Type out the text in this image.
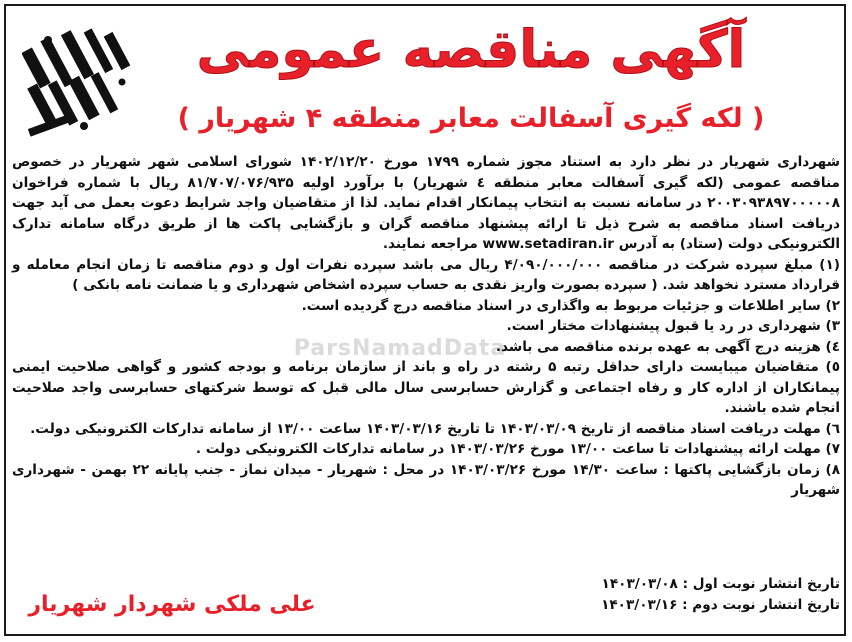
آگهی مناقصه عمومی
( لکه گیری آسفالت معابر منطقه ۴ شهریار )
ParsNamadData

شهرداری شهریار در نظر دارد به استناد مجوز شماره ۱۷۹۹ مورخ ۱۴۰۲/۱۲/۲۰ شورای اسلامی شهر شهریار در خصوص مناقصه عمومی (لکه گیری آسفالت معابر منطقه ٤ شهریار) با برآورد اولیه ۸۱/۷۰۷/۰۷۶/۹۳۵ ریال با شماره فراخوان ۲۰۰۳۰۹۳۸۹۷۰۰۰۰۰۸ در سامانه نسبت به انتخاب پیمانکار اقدام نماید. لذا از متقاضیان واجد شرایط دعوت بعمل می آید جهت دریافت اسناد مناقصه به شرح ذیل تا ارائه پیشنهاد مناقصه گران و بازگشایی پاکت ها از طریق درگاه سامانه تدارک الکترونیکی دولت (ستاد) به آدرس www.setadiran.ir مراجعه نمایند.

(۱) مبلغ سپرده شرکت در مناقصه ۴/۰۹۰/۰۰۰/۰۰۰ ریال می باشد سپرده نفرات اول و دوم مناقصه تا زمان انجام معامله و قرارداد مسترد نخواهد شد. ( سپرده بصورت واریز نقدی به حساب سپرده اشخاص شهرداری و یا ضمانت نامه بانکی )

۲) سایر اطلاعات و جزئیات مربوط به واگذاری در اسناد مناقصه درج گردیده است.

۳) شهرداری در رد یا قبول پیشنهادات مختار است.

٤) هزینه درج آگهی به عهده برنده مناقصه می باشد.

٥) متقاضیان میبایست دارای حداقل رتبه ۵ رشته در راه و باند از سازمان برنامه و بودجه کشور و گواهی صلاحیت ایمنی پیمانکاران از اداره کار و رفاه اجتماعی و گزارش حسابرسی سال مالی قبل که توسط شرکتهای حسابرسی واجد صلاحیت انجام شده باشند.

٦) مهلت دریافت اسناد مناقصه از تاریخ ۱۴۰۳/۰۳/۰۹ تا تاریخ ۱۴۰۳/۰۳/۱۶ ساعت ۱۳/۰۰ از سامانه تدارکات الکترونیکی دولت.

۷) مهلت ارائه پیشنهادات تا ساعت ۱۳/۰۰ مورخ ۱۴۰۳/۰۳/۲۶ در سامانه تدارکات الکترونیکی دولت .

۸) زمان بازگشایی پاکتها : ساعت ۱۴/۳۰ مورخ ۱۴۰۳/۰۳/۲۶ در محل : شهریار - میدان نماز - جنب پایانه ۲۲ بهمن - شهرداری شهریار

تاریخ انتشار نوبت اول : ۱۴۰۳/۰۳/۰۸

تاریخ انتشار نوبت دوم : ۱۴۰۳/۰۳/۱۶

علی ملکی شهردار شهریار
